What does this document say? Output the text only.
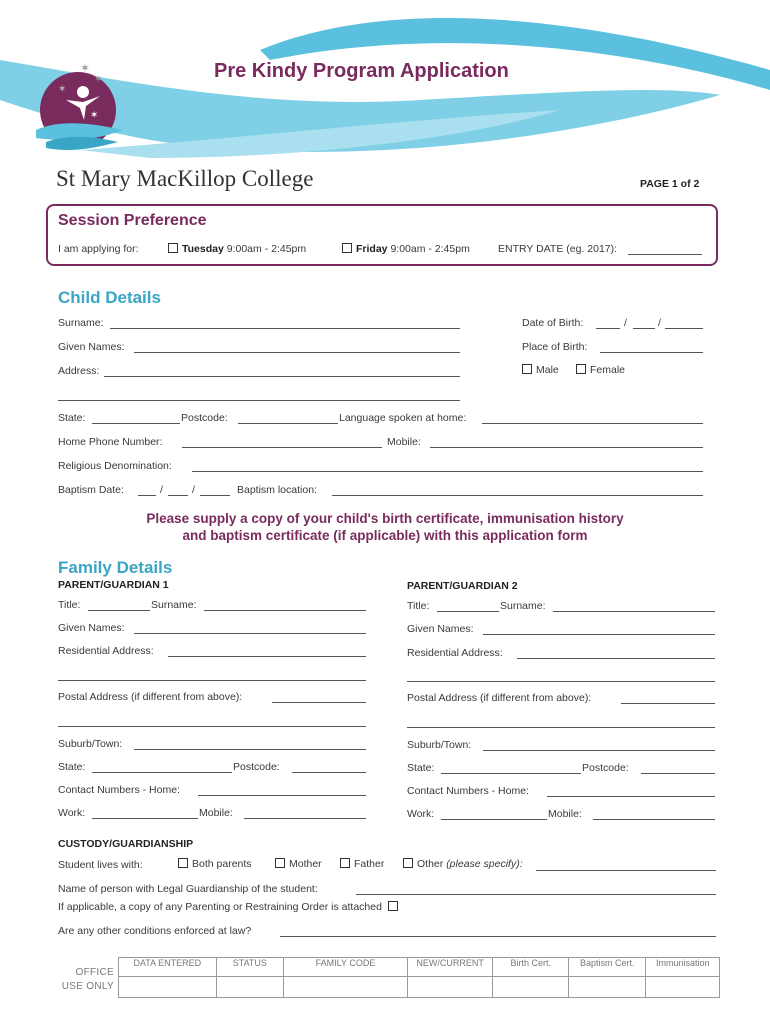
✶
✶
✶
✶
Pre Kindy Program Application
St Mary MacKillop College	PAGE 1 of 2
Session Preference
I am applying for:	Tuesday 9:00am - 2:45pm	Friday 9:00am - 2:45pm	ENTRY DATE (eg. 2017):
Child Details
Surname:	Date of Birth:	/	/
Given Names:	Place of Birth:
Address:	Male	Female
State:	Postcode:	Language spoken at home:
Home Phone Number:	Mobile:
Religious Denomination:
Baptism Date:	/	/	Baptism location:
Please supply a copy of your child's birth certificate, immunisation history
and baptism certificate (if applicable) with this application form
Family Details
PARENT/GUARDIAN 1	PARENT/GUARDIAN 2
Title:	Surname:
Given Names:
Residential Address:
Postal Address (if different from above):
Suburb/Town:
State:	Postcode:
Contact Numbers - Home:
Work:	Mobile:
Title:	Surname:
Given Names:
Residential Address:
Postal Address (if different from above):
Suburb/Town:
State:	Postcode:
Contact Numbers - Home:
Work:	Mobile:
CUSTODY/GUARDIANSHIP
Student lives with:	Both parents	Mother	Father	Other (please specify):
Name of person with Legal Guardianship of the student:
If applicable, a copy of any Parenting or Restraining Order is attached
Are any other conditions enforced at law?
OFFICE
USE ONLY
DATA ENTERED	STATUS	FAMILY CODE	NEW/CURRENT	Birth Cert.	Baptism Cert.	Immunisation
